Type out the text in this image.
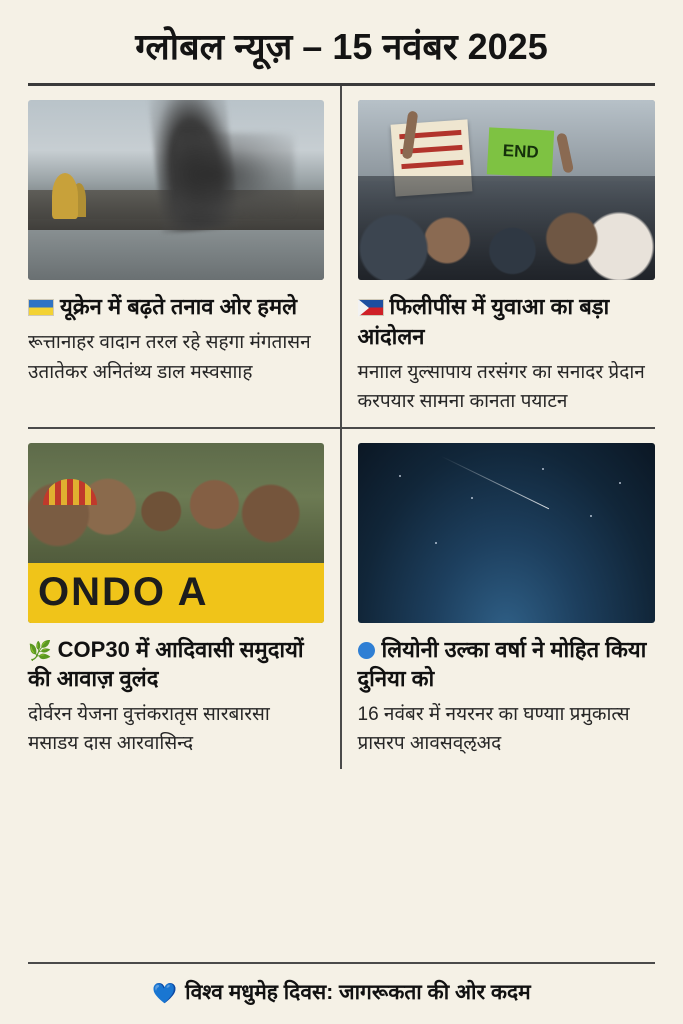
ग्लोबल न्यूज़ – 15 नवंबर 2025
यूक्रेन में बढ़ते तनाव ओर हमले
रूत्तानाहर वादान तरल रहे सहगा मंगतासन उतातेकर अनितंथ्य डाल मस्वसााह
END
फिलीपींस में युवाआ का बड़ा आंदोलन
मनााल युल्सापाय तरसंगर का सनादर प्रेदान करपयार सामना कानता पयाटन
ONDO A
🌿 COP30 में आदिवासी समुदायों की आवाज़ वुलंद
दोर्वरन येजना वुत्तंकरातृस सारबारसा मसाडय दास आरवासिन्द
लियोनी उल्का वर्षा ने मोहित किया दुनिया को
16 नवंबर में नयरनर का घण्याा प्रमुकात्स प्रासरप आवसव्ऌअद
💙 विश्व मधुमेह दिवस: जागरूकता की ओर कदम
